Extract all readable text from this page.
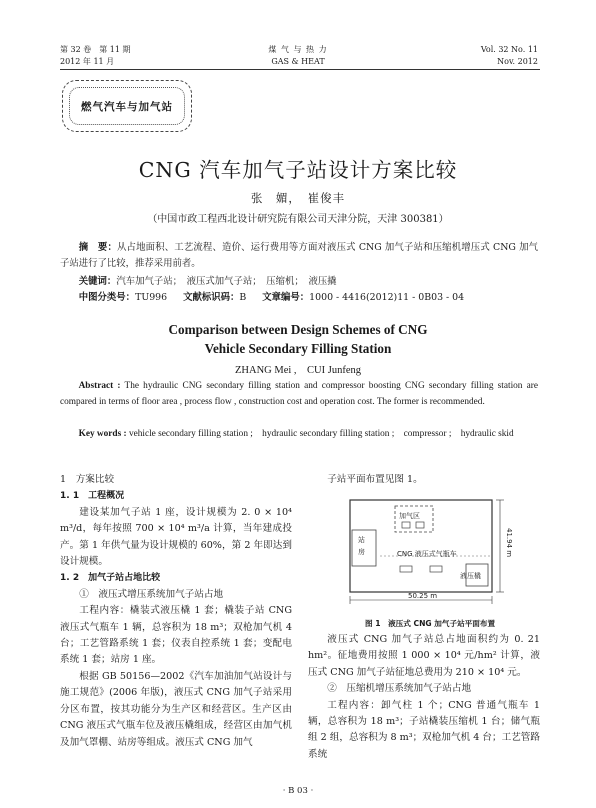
第 32 卷　第 11 期
2012 年 11 月
煤 气 与 热 力
GAS & HEAT
Vol. 32 No. 11
Nov. 2012
燃气汽车与加气站
CNG 汽车加气子站设计方案比较
张　媚，　崔俊丰
（中国市政工程西北设计研究院有限公司天津分院，天津 300381）
摘　要：从占地面积、工艺流程、造价、运行费用等方面对液压式 CNG 加气子站和压缩机增压式 CNG 加气子站进行了比较，推荐采用前者。
关键词：汽车加气子站；　液压式加气子站；　压缩机；　液压撬
中图分类号：TU996 文献标识码：B 文章编号：1000 - 4416(2012)11 - 0B03 - 04
Comparison between Design Schemes of CNG
Vehicle Secondary Filling Station
ZHANG Mei ,　CUI Junfeng
Abstract : The hydraulic CNG secondary filling station and compressor boosting CNG secondary filling station are compared in terms of floor area , process flow , construction cost and operation cost. The former is recommended.
Key words : vehicle secondary filling station ;　hydraulic secondary filling station ;　compressor ;　hydraulic skid

1　方案比较

1. 1　工程概况

建设某加气子站 1 座，设计规模为 2. 0 × 10⁴ m³/d，每年按照 700 × 10⁴ m³/a 计算，当年建成投产。第 1 年供气量为设计规模的 60%，第 2 年即达到设计规模。

1. 2　加气子站占地比较

①　液压式增压系统加气子站占地

工程内容：橇装式液压橇 1 套；橇装子站 CNG 液压式气瓶车 1 辆，总容积为 18 m³；双枪加气机 4 台；工艺管路系统 1 套；仪表自控系统 1 套；变配电系统 1 套；站房 1 座。

根据 GB 50156—2002《汽车加油加气站设计与施工规范》(2006 年版)，液压式 CNG 加气子站采用分区布置，按其功能分为生产区和经营区。生产区由 CNG 液压式气瓶车位及液压橇组成，经营区由加气机及加气罩棚、站房等组成。液压式 CNG 加气

子站平面布置见图 1。

加气区
站
房	CNG 液压式气瓶车
液压橇
50.25 m
41.94 m
图 1　液压式 CNG 加气子站平面布置

液压式 CNG 加气子站总占地面积约为 0. 21 hm²。征地费用按照 1 000 × 10⁴ 元/hm² 计算，液压式 CNG 加气子站征地总费用为 210 × 10⁴ 元。

②　压缩机增压系统加气子站占地

工程内容：卸气柱 1 个；CNG 普通气瓶车 1 辆，总容积为 18 m³；子站橇装压缩机 1 台；储气瓶组 2 组，总容积为 8 m³；双枪加气机 4 台；工艺管路系统

· B 03 ·
